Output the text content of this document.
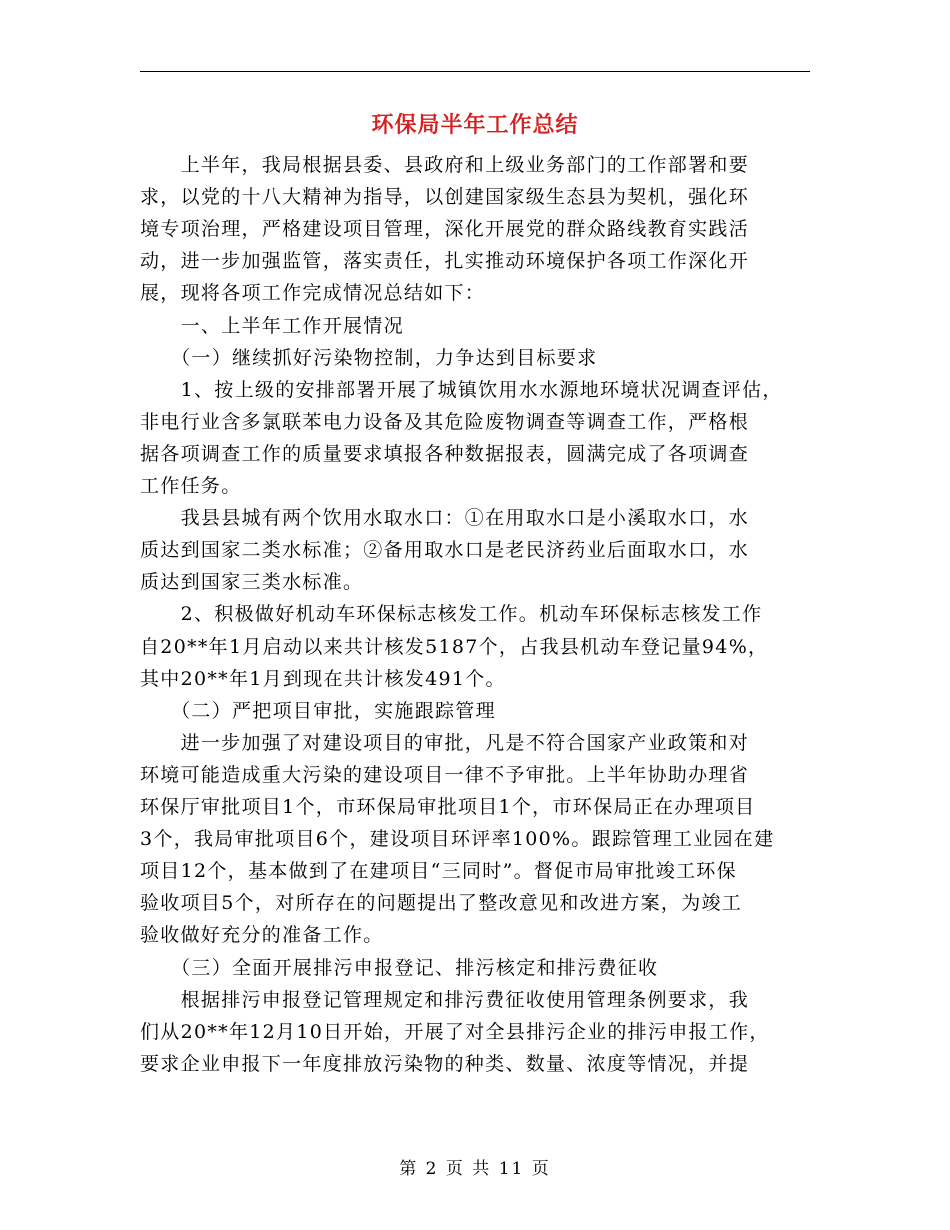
环保局半年工作总结
　　上半年，我局根据县委、县政府和上级业务部门的工作部署和要
求，以党的十八大精神为指导，以创建国家级生态县为契机，强化环
境专项治理，严格建设项目管理，深化开展党的群众路线教育实践活
动，进一步加强监管，落实责任，扎实推动环境保护各项工作深化开
展，现将各项工作完成情况总结如下：
　　一、上半年工作开展情况
　　（一）继续抓好污染物控制，力争达到目标要求
　　1、按上级的安排部署开展了城镇饮用水水源地环境状况调查评估，
非电行业含多氯联苯电力设备及其危险废物调查等调查工作，严格根
据各项调查工作的质量要求填报各种数据报表，圆满完成了各项调查
工作任务。
　　我县县城有两个饮用水取水口：①在用取水口是小溪取水口，水
质达到国家二类水标准；②备用取水口是老民济药业后面取水口，水
质达到国家三类水标准。
　　2、积极做好机动车环保标志核发工作。机动车环保标志核发工作
自20**年1月启动以来共计核发5187个，占我县机动车登记量94%，
其中20**年1月到现在共计核发491个。
　　（二）严把项目审批，实施跟踪管理
　　进一步加强了对建设项目的审批，凡是不符合国家产业政策和对
环境可能造成重大污染的建设项目一律不予审批。上半年协助办理省
环保厅审批项目1个，市环保局审批项目1个，市环保局正在办理项目
3个，我局审批项目6个，建设项目环评率100%。跟踪管理工业园在建
项目12个，基本做到了在建项目“三同时”。督促市局审批竣工环保
验收项目5个，对所存在的问题提出了整改意见和改进方案，为竣工
验收做好充分的准备工作。
　　（三）全面开展排污申报登记、排污核定和排污费征收
　　根据排污申报登记管理规定和排污费征收使用管理条例要求，我
们从20**年12月10日开始，开展了对全县排污企业的排污申报工作，
要求企业申报下一年度排放污染物的种类、数量、浓度等情况，并提
第 2 页 共 11 页
